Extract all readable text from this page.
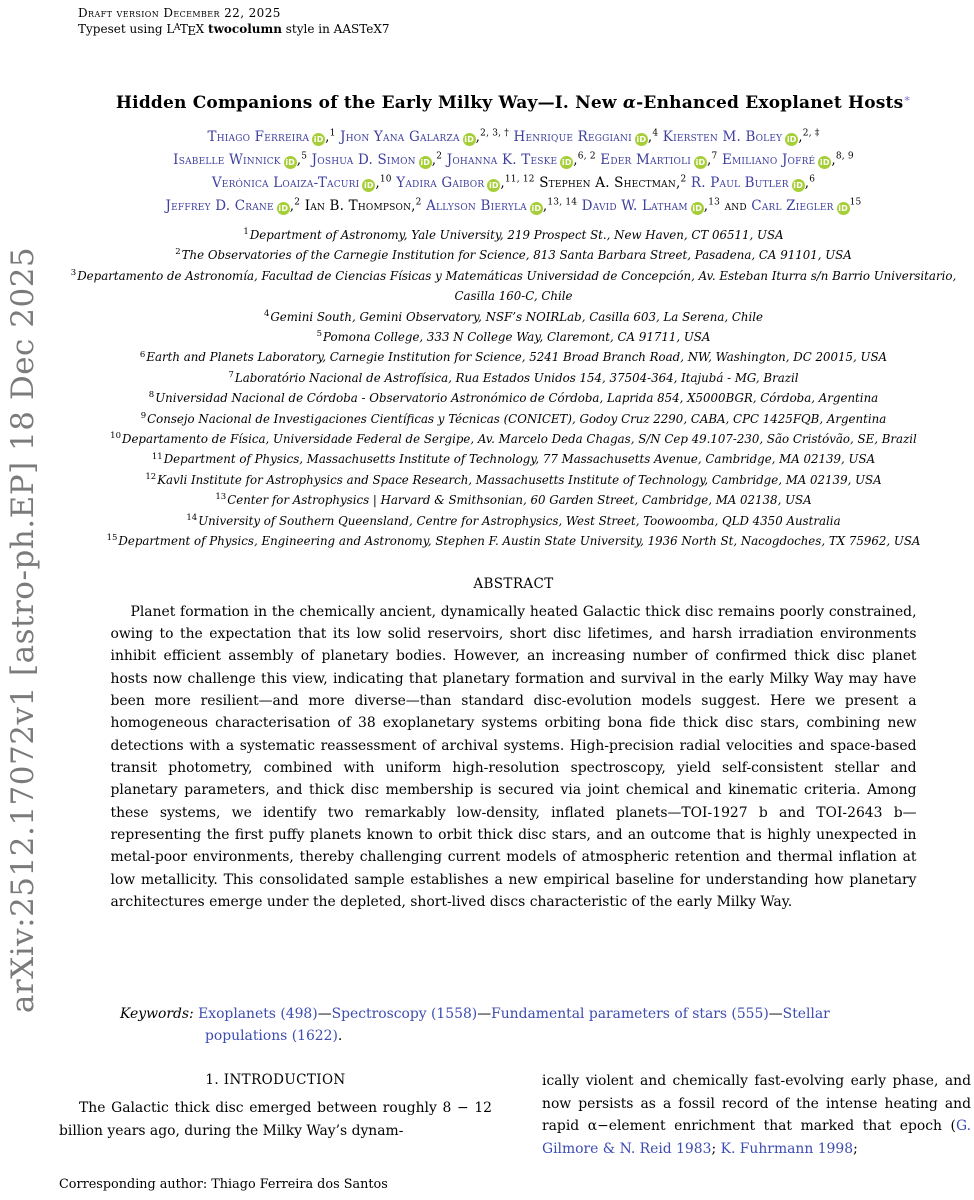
arXiv:2512.17072v1 [astro-ph.EP] 18 Dec 2025
Draft version December 22, 2025
Typeset using $L^ATEX$ twocolumn style in AASTeX7
Hidden Companions of the Early Milky Way—I. New α-Enhanced Exoplanet Hosts∗
Thiago Ferreira iD ,$^1$ Jhon Yana Galarza iD ,$^{2, 3, \dagger}$ Henrique Reggiani iD ,$^4$ Kiersten M. Boley iD ,$^{2, \ddagger}$
Isabelle Winnick iD ,$^5$ Joshua D. Simon iD ,$^2$ Johanna K. Teske iD ,$^{6, 2}$ Eder Martioli iD ,$^7$ Emiliano Jofré iD ,$^{8, 9}$
Verónica Loaiza-Tacuri iD ,$^{10}$ Yadira Gaibor iD ,$^{11, 12}$ Stephen A. Shectman,$^2$ R. Paul Butler iD ,$^6$
Jeffrey D. Crane iD ,$^2$ Ian B. Thompson,$^2$ Allyson Bieryla iD ,$^{13, 14}$ David W. Latham iD ,$^{13}$ and Carl Ziegler $iD^{15}$
$^1$Department of Astronomy, Yale University, 219 Prospect St., New Haven, CT 06511, USA
$^2$The Observatories of the Carnegie Institution for Science, 813 Santa Barbara Street, Pasadena, CA 91101, USA
$^3$Departamento de Astronomía, Facultad de Ciencias Físicas y Matemáticas Universidad de Concepción, Av. Esteban Iturra s/n Barrio Universitario, Casilla 160-C, Chile
$^4$Gemini South, Gemini Observatory, NSF’s NOIRLab, Casilla 603, La Serena, Chile
$^5$Pomona College, 333 N College Way, Claremont, CA 91711, USA
$^6$Earth and Planets Laboratory, Carnegie Institution for Science, 5241 Broad Branch Road, NW, Washington, DC 20015, USA
$^7$Laboratório Nacional de Astrofísica, Rua Estados Unidos 154, 37504-364, Itajubá - MG, Brazil
$^8$Universidad Nacional de Córdoba - Observatorio Astronómico de Córdoba, Laprida 854, X5000BGR, Córdoba, Argentina
$^9$Consejo Nacional de Investigaciones Científicas y Técnicas (CONICET), Godoy Cruz 2290, CABA, CPC 1425FQB, Argentina
$^{10}$Departamento de Física, Universidade Federal de Sergipe, Av. Marcelo Deda Chagas, S/N Cep 49.107-230, São Cristóvão, SE, Brazil
$^{11}$Department of Physics, Massachusetts Institute of Technology, 77 Massachusetts Avenue, Cambridge, MA 02139, USA
$^{12}$Kavli Institute for Astrophysics and Space Research, Massachusetts Institute of Technology, Cambridge, MA 02139, USA
$^{13}$Center for Astrophysics | Harvard & Smithsonian, 60 Garden Street, Cambridge, MA 02138, USA
$^{14}$University of Southern Queensland, Centre for Astrophysics, West Street, Toowoomba, QLD 4350 Australia
$^{15}$Department of Physics, Engineering and Astronomy, Stephen F. Austin State University, 1936 North St, Nacogdoches, TX 75962, USA
ABSTRACT
Planet formation in the chemically ancient, dynamically heated Galactic thick disc remains poorly constrained, owing to the expectation that its low solid reservoirs, short disc lifetimes, and harsh irradiation environments inhibit efficient assembly of planetary bodies. However, an increasing number of confirmed thick disc planet hosts now challenge this view, indicating that planetary formation and survival in the early Milky Way may have been more resilient—and more diverse—than standard disc-evolution models suggest. Here we present a homogeneous characterisation of 38 exoplanetary systems orbiting bona fide thick disc stars, combining new detections with a systematic reassessment of archival systems. High-precision radial velocities and space-based transit photometry, combined with uniform high-resolution spectroscopy, yield self-consistent stellar and planetary parameters, and thick disc membership is secured via joint chemical and kinematic criteria. Among these systems, we identify two remarkably low-density, inflated planets—TOI-1927 b and TOI-2643 b—representing the first puffy planets known to orbit thick disc stars, and an outcome that is highly unexpected in metal-poor environments, thereby challenging current models of atmospheric retention and thermal inflation at low metallicity. This consolidated sample establishes a new empirical baseline for understanding how planetary architectures emerge under the depleted, short-lived discs characteristic of the early Milky Way.
Keywords: Exoplanets (498)—Spectroscopy (1558)—Fundamental parameters of stars (555)—Stellar populations (1622).
1. INTRODUCTION

The Galactic thick disc emerged between roughly 8 − 12 billion years ago, during the Milky Way’s dynam-

ically violent and chemically fast-evolving early phase, and now persists as a fossil record of the intense heating and rapid α−element enrichment that marked that epoch (G. Gilmore & N. Reid 1983; K. Fuhrmann 1998;

Corresponding author: Thiago Ferreira dos Santos
